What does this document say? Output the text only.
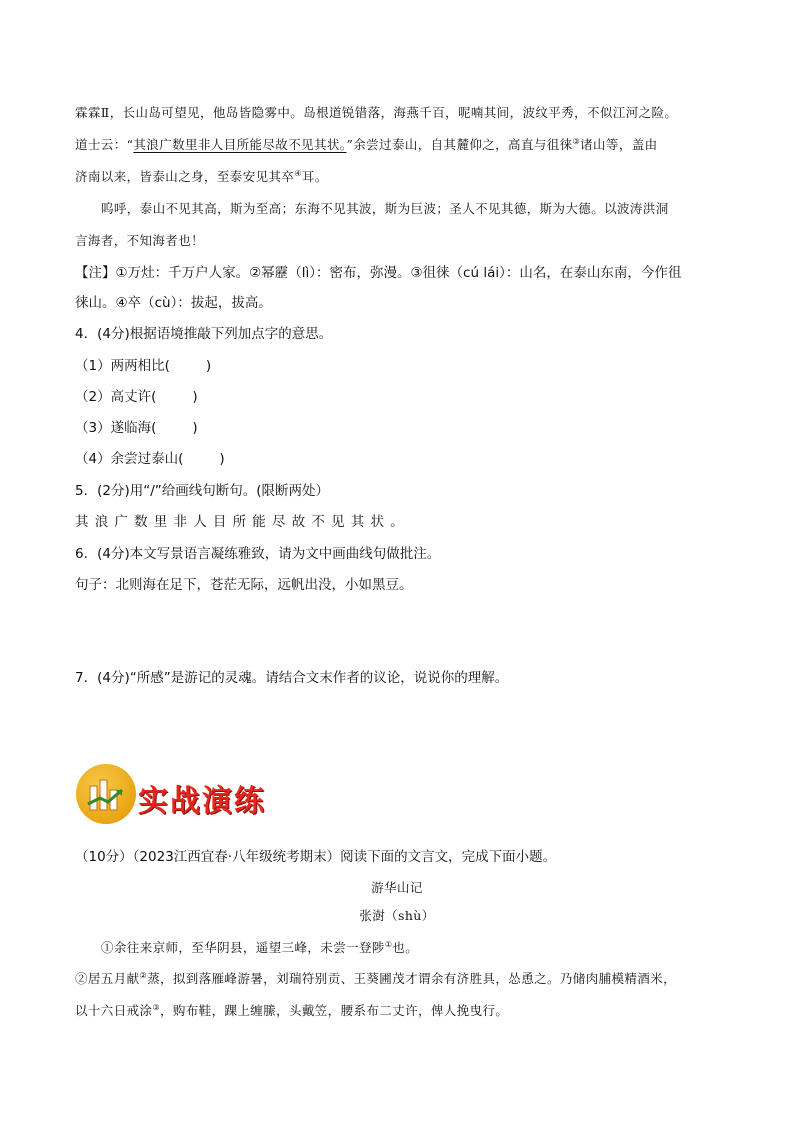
霖霖Ⅱ，长山岛可望见，他岛皆隐雾中。岛根道锐错落，海燕千百，呢喃其间，波纹平秀，不似江河之险。
道士云：“其浪广数里非人目所能尽故不见其状。”余尝过泰山，自其麓仰之，高直与徂徕③诸山等，盖由
济南以来，皆泰山之身，至泰安见其卒④耳。
呜呼，泰山不见其高，斯为至高；东海不见其波，斯为巨波；圣人不见其德，斯为大德。以波涛洪洞
言海者，不知海者也！
【注】①万灶：千万户人家。②幂靂（lì）：密布，弥漫。③徂徕（cú lái）：山名，在泰山东南，今作徂
徕山。④卒（cù）：拔起，拔高。
4．(4分)根据语境推敲下列加点字的意思。
（1）两两相比(	)
（2）高丈许(	)
（3）遂临海(	)
（4）余尝过泰山(	)
5．(2分)用“/”给画线句断句。(限断两处）
其浪广数里非人目所能尽故不见其状。
6．(4分)本文写景语言凝练雅致，请为文中画曲线句做批注。
句子：北则海在足下，苍茫无际，远帆出没，小如黑豆。
7．(4分)“所感”是游记的灵魂。请结合文末作者的议论，说说你的理解。
实战演练
（10分）（2023江西宜春·八年级统考期末）阅读下面的文言文，完成下面小题。
游华山记
张澍（shù）
①余往来京师，至华阴县，遥望三峰，未尝一登陟①也。
②居五月献②蒸，拟到落雁峰游暑，刘瑞符别贡、王葵圃茂才谓余有济胜具，怂恿之。乃储肉脯模精酒米，
以十六日戒涂③，购布鞋，踝上缠縢，头戴笠，腰系布二丈许，俾人挽曳行。
